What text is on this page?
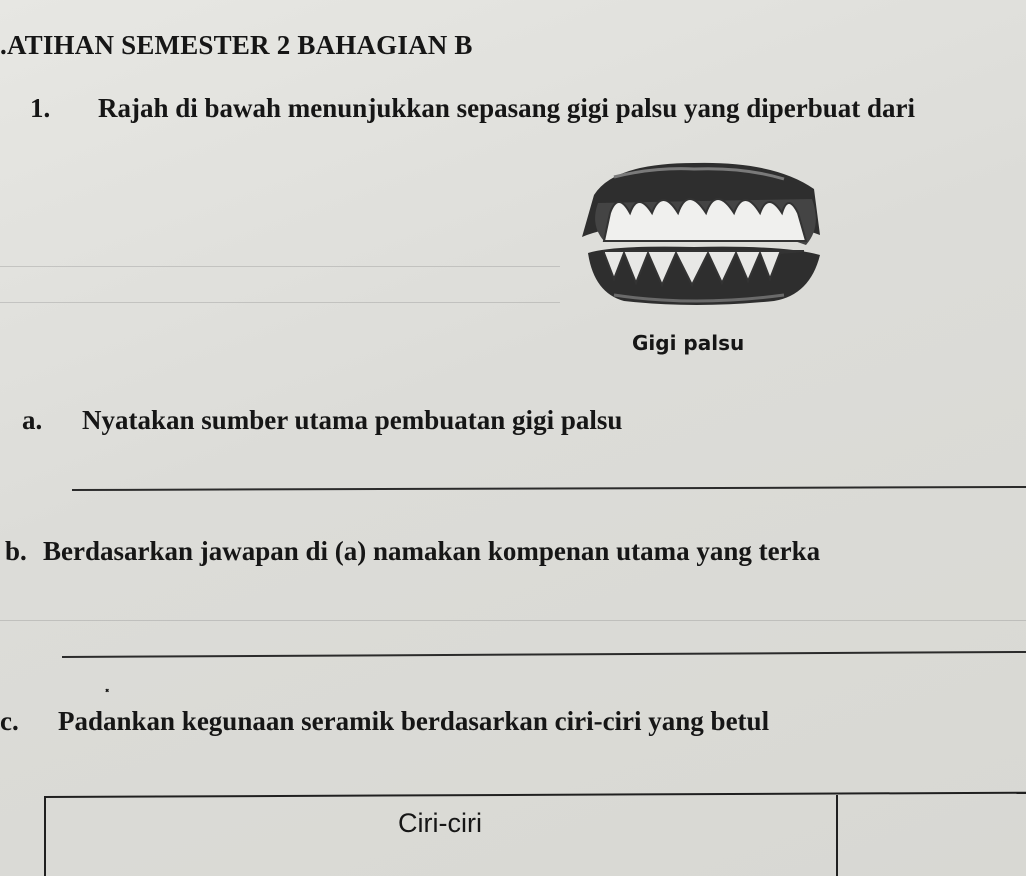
.ATIHAN SEMESTER 2 BAHAGIAN B
1. Rajah di bawah menunjukkan sepasang gigi palsu yang diperbuat dari
Gigi palsu
a. Nyatakan sumber utama pembuatan gigi palsu
b. Berdasarkan jawapan di (a) namakan kompenan utama yang terka
⸼
c. Padankan kegunaan seramik berdasarkan ciri-ciri yang betul
Ciri-ciri
